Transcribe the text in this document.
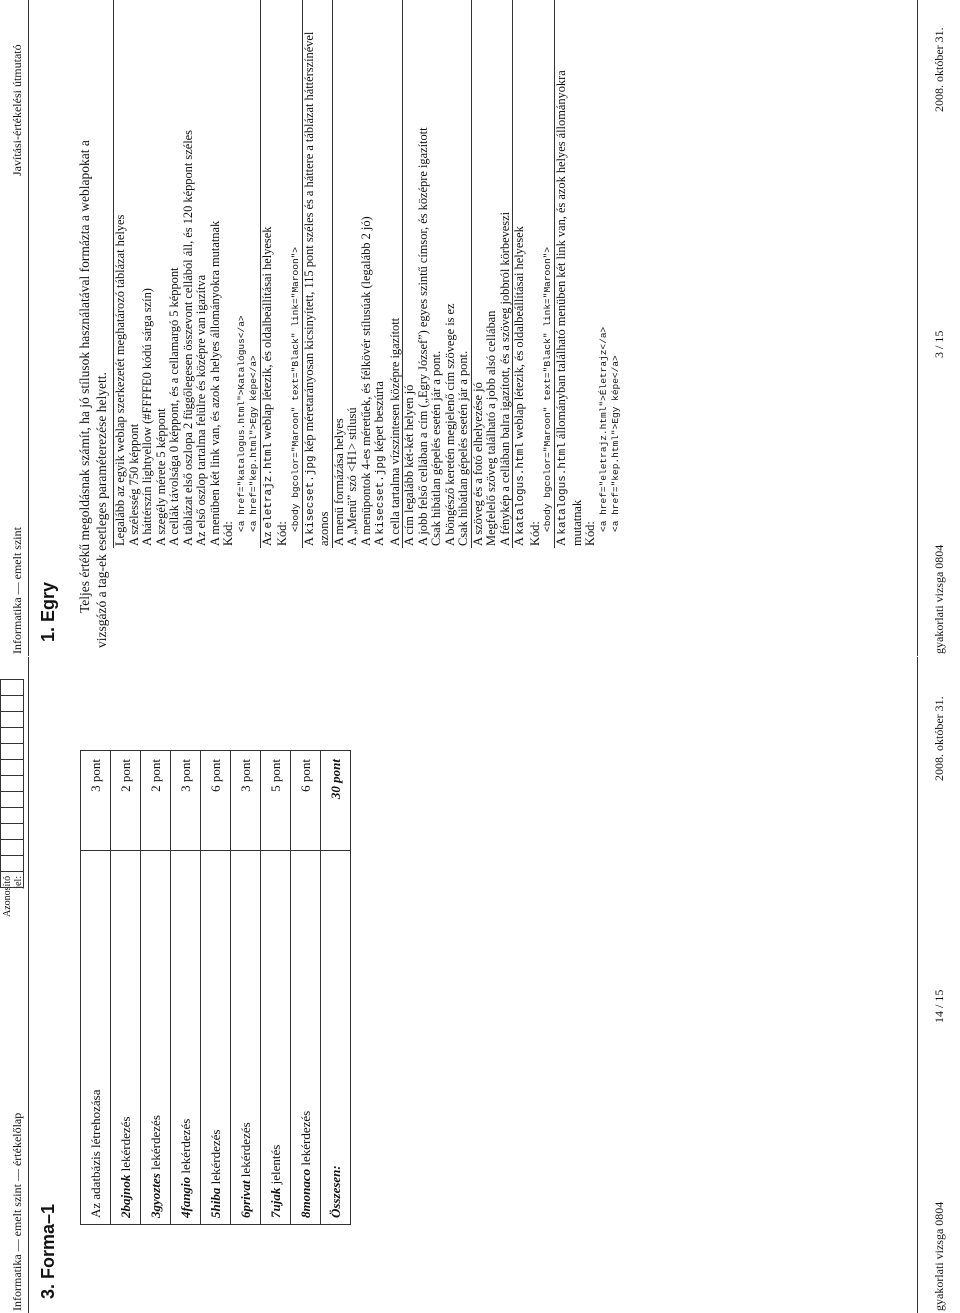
Informatika — emelt szint — értékelőlap
Azonosító jel:
3. Forma–1
Az adatbázis létrehozása	3 pont
2bajnok lekérdezés	2 pont
3gyoztes lekérdezés	2 pont
4fangio lekérdezés	3 pont
5hiba lekérdezés	6 pont
6privat lekérdezés	3 pont
7ujak jelentés	5 pont
8monaco lekérdezés	6 pont
Összesen:	30 pont
gyakorlati vizsga 0804
14 / 15
2008. október 31.
Informatika — emelt szint
Javítási-értékelési útmutató
1. Egry Teljes értékű megoldásnak számít, ha jó stílusok használatával formázta a weblapokat a vizsgázó a tag-ek esetleges paraméterezése helyett. Legalább az egyik weblap szerkezetét meghatározó táblázat helyes	
A szélesség 750 képpont	
A háttérszín lightyellow (#FFFFE0 kódú sárga szín)	
A szegély mérete 5 képpont	
A cellák távolsága 0 képpont, és a cellamargó 5 képpont	
A táblázat első oszlopa 2 függőlegesen összevont cellából áll, és 120 képpont széles	
Az első oszlop tartalma felülre és középre van igazítva	
A menüben két link van, és azok a helyes állományokra mutatnak	
Kód:	
<a href="katalogus.html">Katalógus</a>	
<a href="kep.html">Egy képe</a>	
Az eletrajz.html weblap létezik, és oldalbeállításai helyesek	
Kód:	
<body bgcolor="Maroon" text="Black" link="Maroon">	
A kisecset.jpg kép méretarányosan kicsinyített, 115 pont széles és a háttere a táblázat háttérszínével azonos	
A menü formázása helyes	
A „Menü” szó <H1> stílusú	
A menüpontok 4-es méretűek, és félkövér stílusúak (legalább 2 jó)	
A kisecset.jpg képet beszúrta	
A cella tartalma vízszintesen középre igazított	
A cím legalább két-két helyen jó	
A jobb felső cellában a cím („Egry József”) egyes szintű címsor, és középre igazított	
Csak hibátlan gépelés esetén jár a pont.	
A böngésző keretén megjelenő cím szövege is ez	
Csak hibátlan gépelés esetén jár a pont.	
A szöveg és a fotó elhelyezése jó	
Megfelelő szöveg található a jobb alsó cellában	
A fénykép a cellában balra igazított, és a szöveg jobbról körbeveszi	
A katalogus.html weblap létezik, és oldalbeállításai helyesek	
Kód:	
<body bgcolor="Maroon" text="Black" link="Maroon">	
A katalogus.html állományban található menüben két link van, és azok helyes állományokra mutatnak	
Kód:	
<a href="eletrajz.html">Életrajz</a>	
<a href="kep.html">Egy képe</a>	
gyakorlati vizsga 0804
3 / 15
2008. október 31.
